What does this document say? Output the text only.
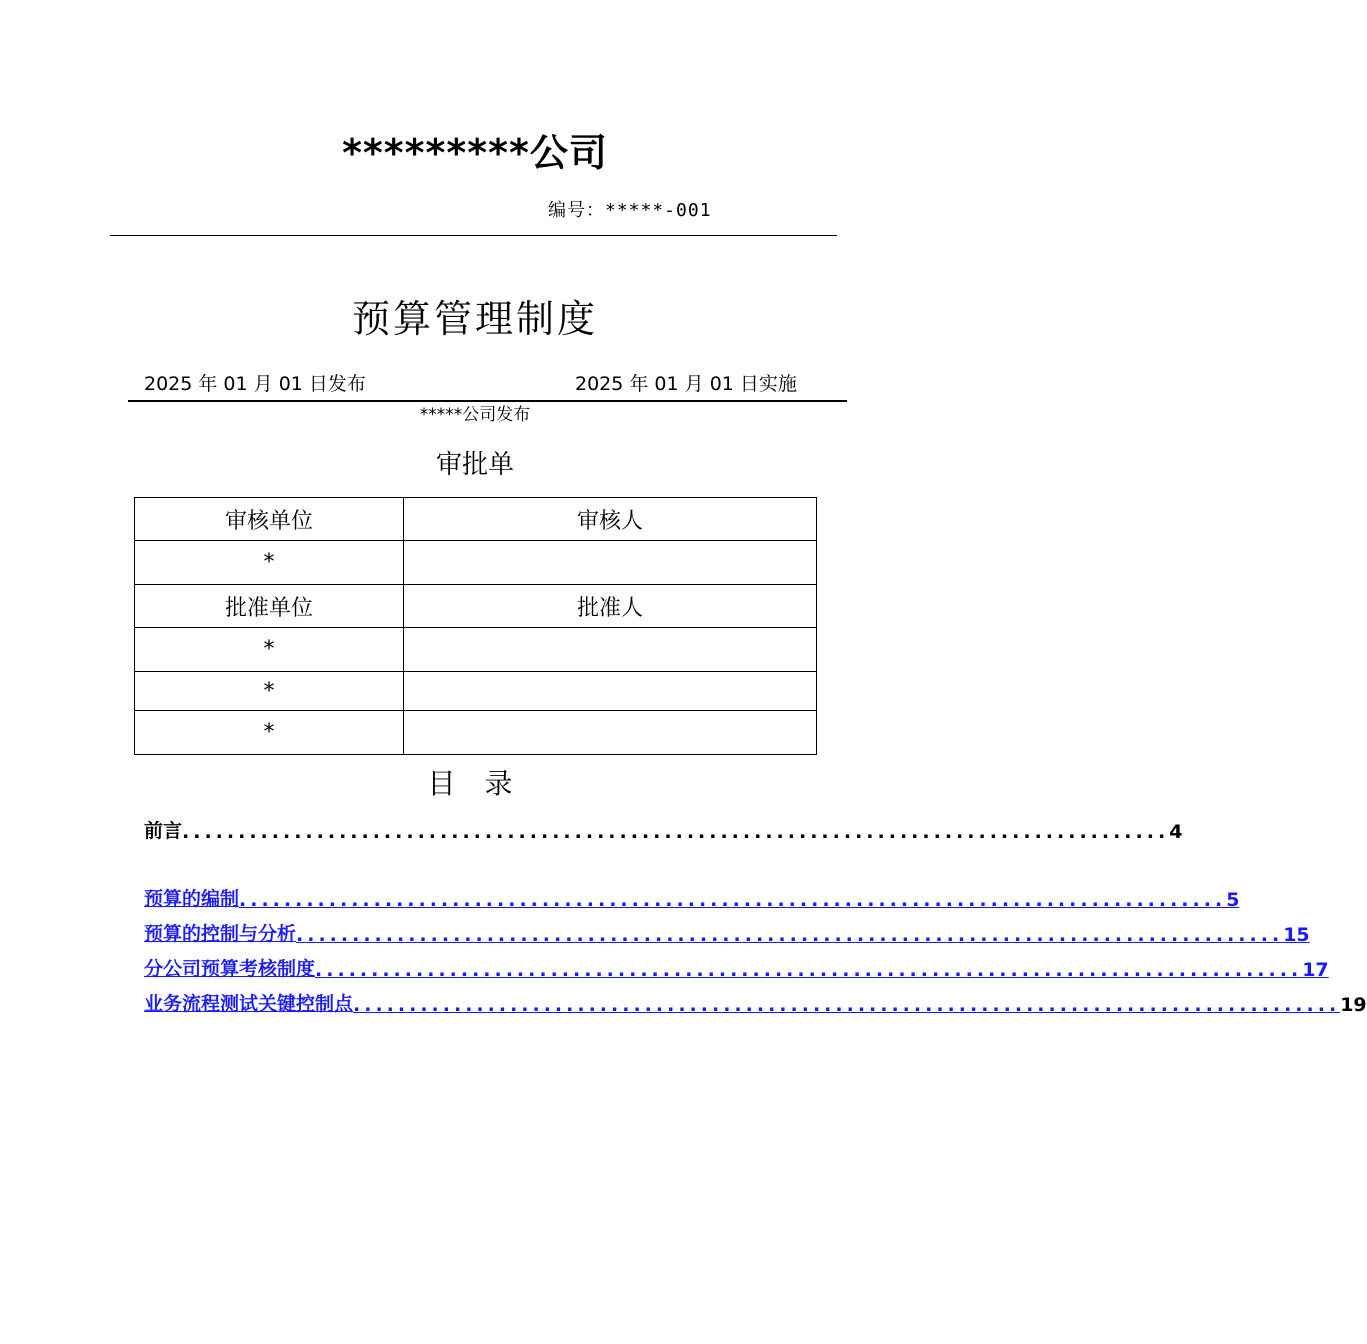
*********公司
编号：*****-001
预算管理制度
2025 年 01 月 01 日发布	2025 年 01 月 01 日实施
*****公司发布
审批单
审核单位	审核人
*	
批准单位	批准人
*	
*	
*	
目 录
前言 ........................................................................................ 4
预算的编制 ........................................................................................ 5
预算的控制与分析 ........................................................................................ 15
分公司预算考核制度 ........................................................................................ 17
业务流程测试关键控制点 ........................................................................................ 19
